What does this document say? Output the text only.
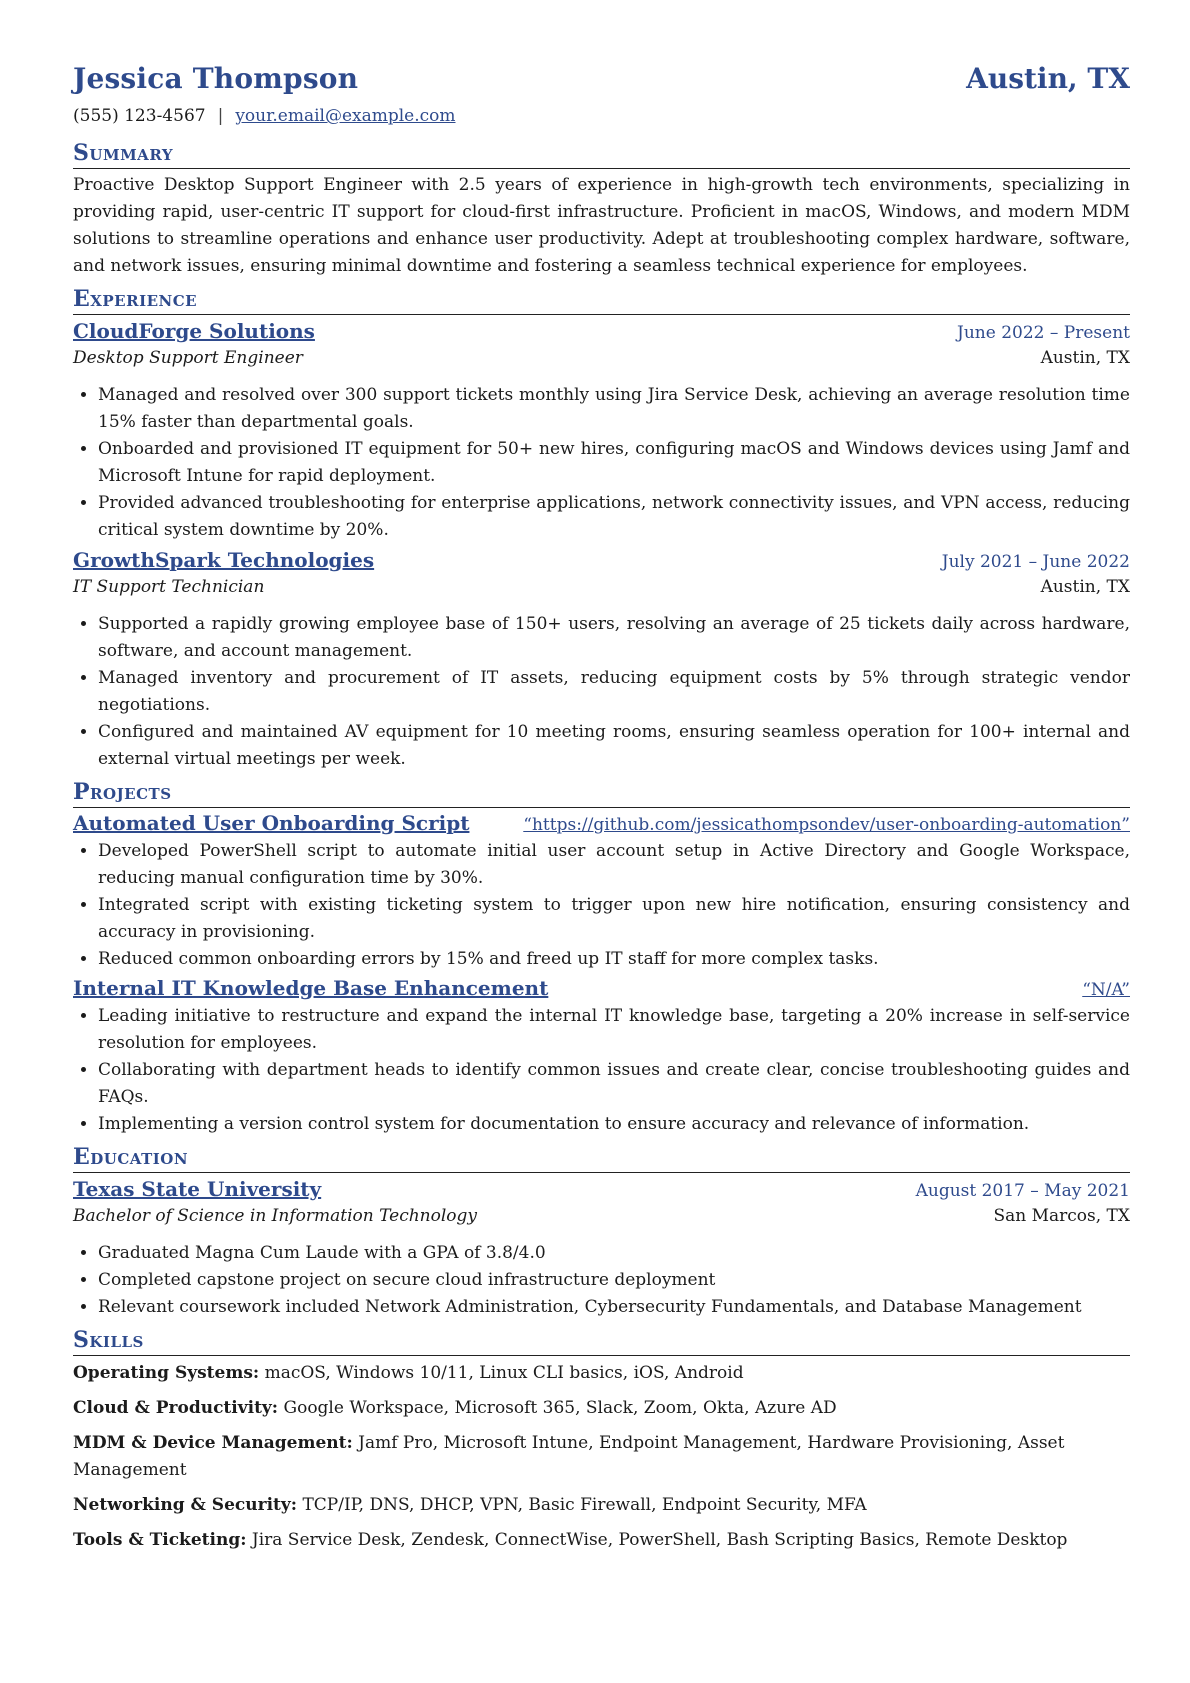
Jessica Thompson	Austin, TX
(555) 123-4567 | your.email@example.com
Summary
Proactive Desktop Support Engineer with 2.5 years of experience in high-growth tech environments, specializing in providing rapid, user-centric IT support for cloud-first infrastructure. Proficient in macOS, Windows, and modern MDM solutions to streamline operations and enhance user productivity. Adept at troubleshooting complex hardware, software, and network issues, ensuring minimal downtime and fostering a seamless technical experience for employees.
Experience
CloudForge Solutions	June 2022 – Present
Desktop Support Engineer	Austin, TX
• Managed and resolved over 300 support tickets monthly using Jira Service Desk, achieving an average resolution time 15% faster than departmental goals.
• Onboarded and provisioned IT equipment for 50+ new hires, configuring macOS and Windows devices using Jamf and Microsoft Intune for rapid deployment.
• Provided advanced troubleshooting for enterprise applications, network connectivity issues, and VPN access, reducing critical system downtime by 20%.
GrowthSpark Technologies	July 2021 – June 2022
IT Support Technician	Austin, TX
• Supported a rapidly growing employee base of 150+ users, resolving an average of 25 tickets daily across hardware, software, and account management.
• Managed inventory and procurement of IT assets, reducing equipment costs by 5% through strategic vendor negotiations.
• Configured and maintained AV equipment for 10 meeting rooms, ensuring seamless operation for 100+ internal and external virtual meetings per week.
Projects
Automated User Onboarding Script	“https://github.com/jessicathompsondev/user-onboarding-automation”
• Developed PowerShell script to automate initial user account setup in Active Directory and Google Workspace, reducing manual configuration time by 30%.
• Integrated script with existing ticketing system to trigger upon new hire notification, ensuring consistency and accuracy in provisioning.
• Reduced common onboarding errors by 15% and freed up IT staff for more complex tasks.
Internal IT Knowledge Base Enhancement	“N/A”
• Leading initiative to restructure and expand the internal IT knowledge base, targeting a 20% increase in self-service resolution for employees.
• Collaborating with department heads to identify common issues and create clear, concise troubleshooting guides and FAQs.
• Implementing a version control system for documentation to ensure accuracy and relevance of information.
Education
Texas State University	August 2017 – May 2021
Bachelor of Science in Information Technology	San Marcos, TX
• Graduated Magna Cum Laude with a GPA of 3.8/4.0
• Completed capstone project on secure cloud infrastructure deployment
• Relevant coursework included Network Administration, Cybersecurity Fundamentals, and Database Management
Skills
Operating Systems: macOS, Windows 10/11, Linux CLI basics, iOS, Android
Cloud & Productivity: Google Workspace, Microsoft 365, Slack, Zoom, Okta, Azure AD
MDM & Device Management: Jamf Pro, Microsoft Intune, Endpoint Management, Hardware Provisioning, Asset Management
Networking & Security: TCP/IP, DNS, DHCP, VPN, Basic Firewall, Endpoint Security, MFA
Tools & Ticketing: Jira Service Desk, Zendesk, ConnectWise, PowerShell, Bash Scripting Basics, Remote Desktop
